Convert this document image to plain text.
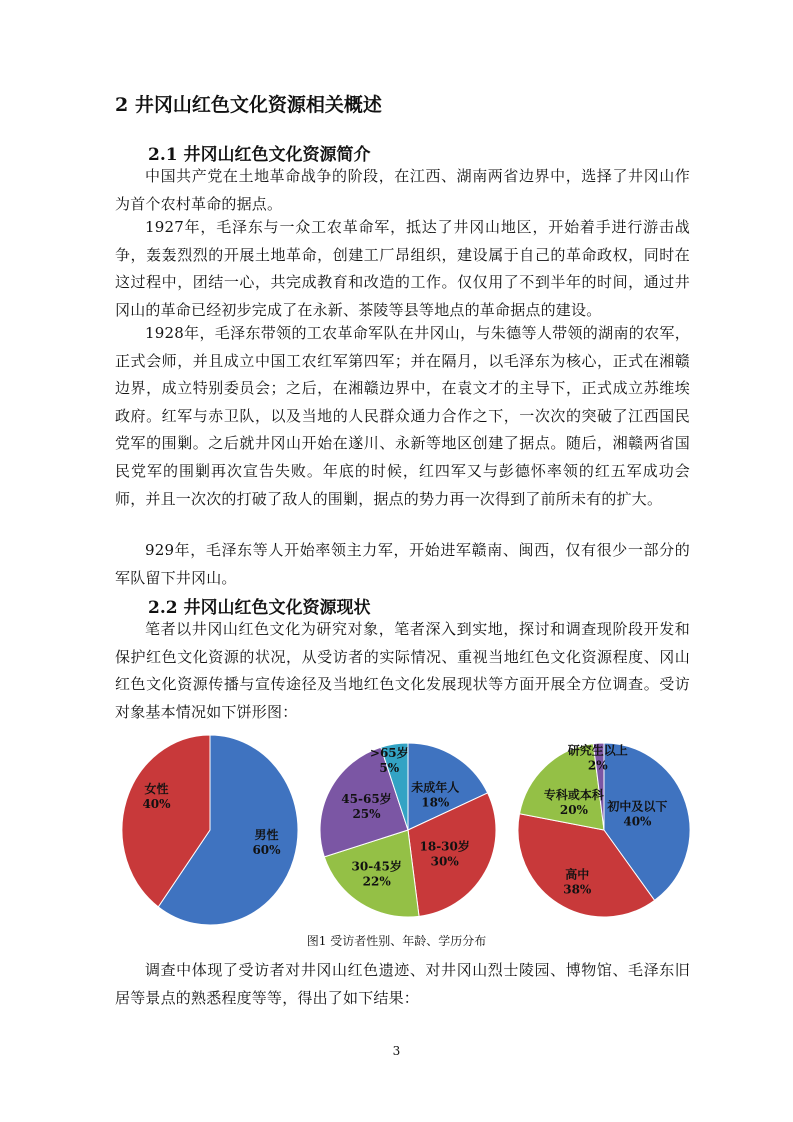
2 井冈山红色文化资源相关概述
2.1 井冈山红色文化资源简介

中国共产党在土地革命战争的阶段，在江西、湖南两省边界中，选择了井冈山作为首个农村革命的据点。

1927年，毛泽东与一众工农革命军，抵达了井冈山地区，开始着手进行游击战争，轰轰烈烈的开展土地革命，创建工厂昂组织，建设属于自己的革命政权，同时在这过程中，团结一心，共完成教育和改造的工作。仅仅用了不到半年的时间，通过井冈山的革命已经初步完成了在永新、茶陵等县等地点的革命据点的建设。

1928年，毛泽东带领的工农革命军队在井冈山，与朱德等人带领的湖南的农军，正式会师，并且成立中国工农红军第四军；并在隔月，以毛泽东为核心，正式在湘赣边界，成立特别委员会；之后，在湘赣边界中，在袁文才的主导下，正式成立苏维埃政府。红军与赤卫队，以及当地的人民群众通力合作之下，一次次的突破了江西国民党军的围剿。之后就井冈山开始在遂川、永新等地区创建了据点。随后，湘赣两省国民党军的围剿再次宣告失败。年底的时候，红四军又与彭德怀率领的红五军成功会师，并且一次次的打破了敌人的围剿，据点的势力再一次得到了前所未有的扩大。

929年，毛泽东等人开始率领主力军，开始进军赣南、闽西，仅有很少一部分的军队留下井冈山。

2.2 井冈山红色文化资源现状

笔者以井冈山红色文化为研究对象，笔者深入到实地，探讨和调查现阶段开发和保护红色文化资源的状况，从受访者的实际情况、重视当地红色文化资源程度、冈山红色文化资源传播与宣传途径及当地红色文化发展现状等方面开展全方位调查。受访对象基本情况如下饼形图：

男性
60%
女性
40%
未成年人
18%
18-30岁
30%
30-45岁
22%
45-65岁
25%
>65岁
5%
初中及以下
40%
高中
38%
专科或本科
20%
研究生以上
2%
图1 受访者性别、年龄、学历分布

调查中体现了受访者对井冈山红色遗迹、对井冈山烈士陵园、博物馆、毛泽东旧居等景点的熟悉程度等等，得出了如下结果：

3
